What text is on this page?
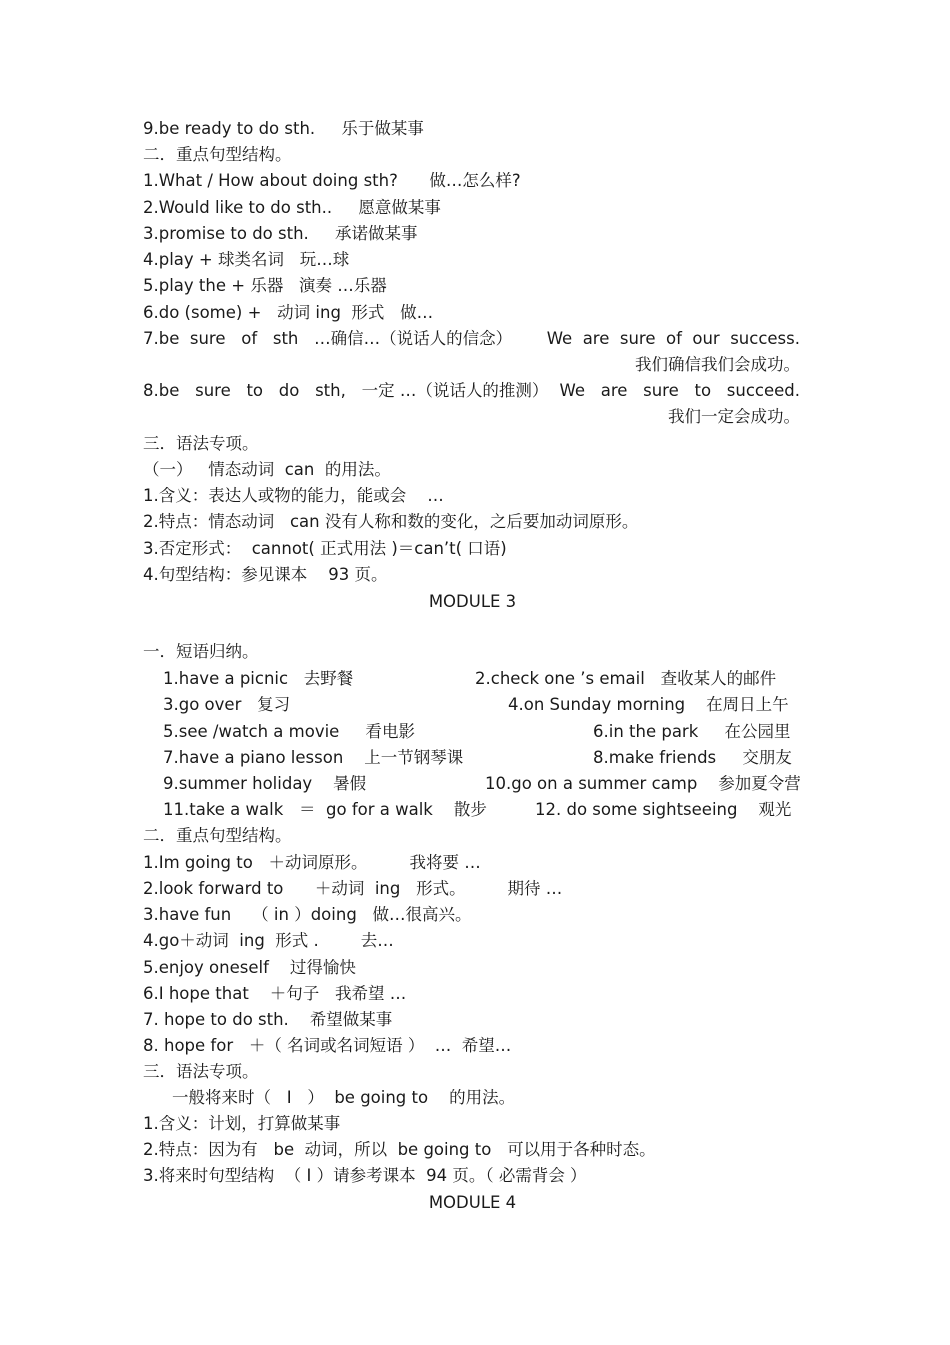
9.be ready to do sth.     乐于做某事
二．重点句型结构。
1.What / How about doing sth?      做…怎么样?
2.Would like to do sth..     愿意做某事
3.promise to do sth.     承诺做某事
4.play + 球类名词   玩…球
5.play the + 乐器   演奏 …乐器
6.do (some) +   动词 ing  形式   做…
7.be  sure   of   sth   …确信…（说话人的信念） We  are  sure  of  our  success.
我们确信我们会成功。
8.be   sure   to   do   sth,   一定 …（说话人的推测） We   are   sure   to   succeed.
我们一定会成功。
三．语法专项。
（一）   情态动词  can  的用法。
1.含义：表达人或物的能力，能或会    …
2.特点：情态动词   can 没有人称和数的变化，之后要加动词原形。
3.否定形式：  cannot( 正式用法 )＝can’t( 口语)
4.句型结构：参见课本    93 页。
MODULE 3
一．短语归纳。
1.have a picnic   去野餐	2.check one ’s email   查收某人的邮件
3.go over   复习	4.on Sunday morning    在周日上午
5.see /watch a movie     看电影	6.in the park     在公园里
7.have a piano lesson    上一节钢琴课	8.make friends     交朋友
9.summer holiday    暑假	10.go on a summer camp    参加夏令营
11.take a walk   ＝  go for a walk    散步	12. do some sightseeing    观光
二．重点句型结构。
1.Im going to   ＋动词原形。        我将要 …
2.look forward to      ＋动词  ing   形式。        期待 …
3.have fun    （ in ）doing   做…很高兴。
4.go＋动词  ing  形式 .        去…
5.enjoy oneself    过得愉快
6.I hope that    ＋句子   我希望 …
7. hope to do sth.    希望做某事
8. hope for   ＋（ 名词或名词短语 ）  …  希望…
三．语法专项。
一般将来时（   Ⅰ   ）  be going to    的用法。
1.含义：计划，打算做某事
2.特点：因为有   be  动词，所以  be going to   可以用于各种时态。
3.将来时句型结构  （ Ⅰ ）请参考课本  94 页。（ 必需背会 ）
MODULE 4
